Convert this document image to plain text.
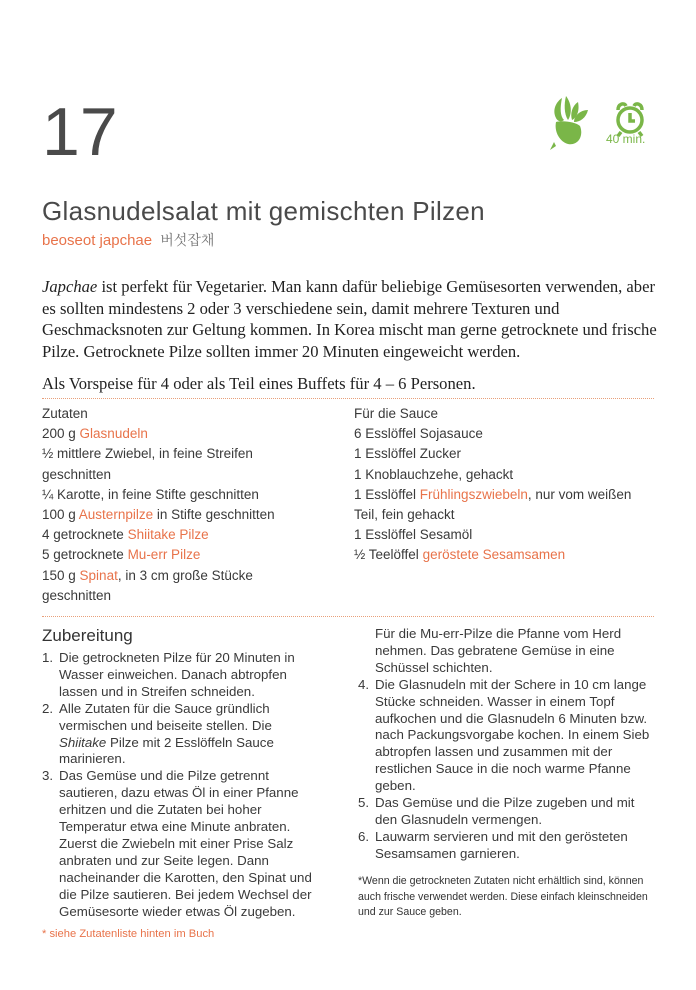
17	40 min.
Glasnudelsalat mit gemischten Pilzen
beoseot japchae 버섯잡채
Japchae ist perfekt für Vegetarier. Man kann dafür beliebige Gemüsesorten verwenden, aber es sollten mindestens 2 oder 3 verschiedene sein, damit mehrere Texturen und Geschmacksnoten zur Geltung kommen. In Korea mischt man gerne getrocknete und frische Pilze. Getrocknete Pilze sollten immer 20 Minuten eingeweicht werden.
Als Vorspeise für 4 oder als Teil eines Buffets für 4 – 6 Personen.
Zutaten
200 g Glasnudeln
½ mittlere Zwiebel, in feine Streifen
geschnitten
¼ Karotte, in feine Stifte geschnitten
100 g Austernpilze in Stifte geschnitten
4 getrocknete Shiitake Pilze
5 getrocknete Mu-err Pilze
150 g Spinat, in 3 cm große Stücke
geschnitten
Für die Sauce
6 Esslöffel Sojasauce
1 Esslöffel Zucker
1 Knoblauchzehe, gehackt
1 Esslöffel Frühlingszwiebeln, nur vom weißen
Teil, fein gehackt
1 Esslöffel Sesamöl
½ Teelöffel geröstete Sesamsamen
Zubereitung
1. Die getrockneten Pilze für 20 Minuten in Wasser einweichen. Danach abtropfen lassen und in Streifen schneiden.
2. Alle Zutaten für die Sauce gründlich vermischen und beiseite stellen. Die Shiitake Pilze mit 2 Esslöffeln Sauce marinieren.
3. Das Gemüse und die Pilze getrennt sautieren, dazu etwas Öl in einer Pfanne erhitzen und die Zutaten bei hoher Temperatur etwa eine Minute anbraten. Zuerst die Zwiebeln mit einer Prise Salz anbraten und zur Seite legen. Dann nacheinander die Karotten, den Spinat und die Pilze sautieren. Bei jedem Wechsel der Gemüsesorte wieder etwas Öl zugeben.
Für die Mu-err-Pilze die Pfanne vom Herd nehmen. Das gebratene Gemüse in eine Schüssel schichten.
4. Die Glasnudeln mit der Schere in 10 cm lange Stücke schneiden. Wasser in einem Topf aufkochen und die Glasnudeln 6 Minuten bzw. nach Packungsvorgabe kochen. In einem Sieb abtropfen lassen und zusammen mit der restlichen Sauce in die noch warme Pfanne geben.
5. Das Gemüse und die Pilze zugeben und mit den Glasnudeln vermengen.
6. Lauwarm servieren und mit den gerösteten Sesamsamen garnieren.
*Wenn die getrockneten Zutaten nicht erhältlich sind, können auch frische verwendet werden. Diese einfach kleinschneiden und zur Sauce geben.
* siehe Zutatenliste hinten im Buch
